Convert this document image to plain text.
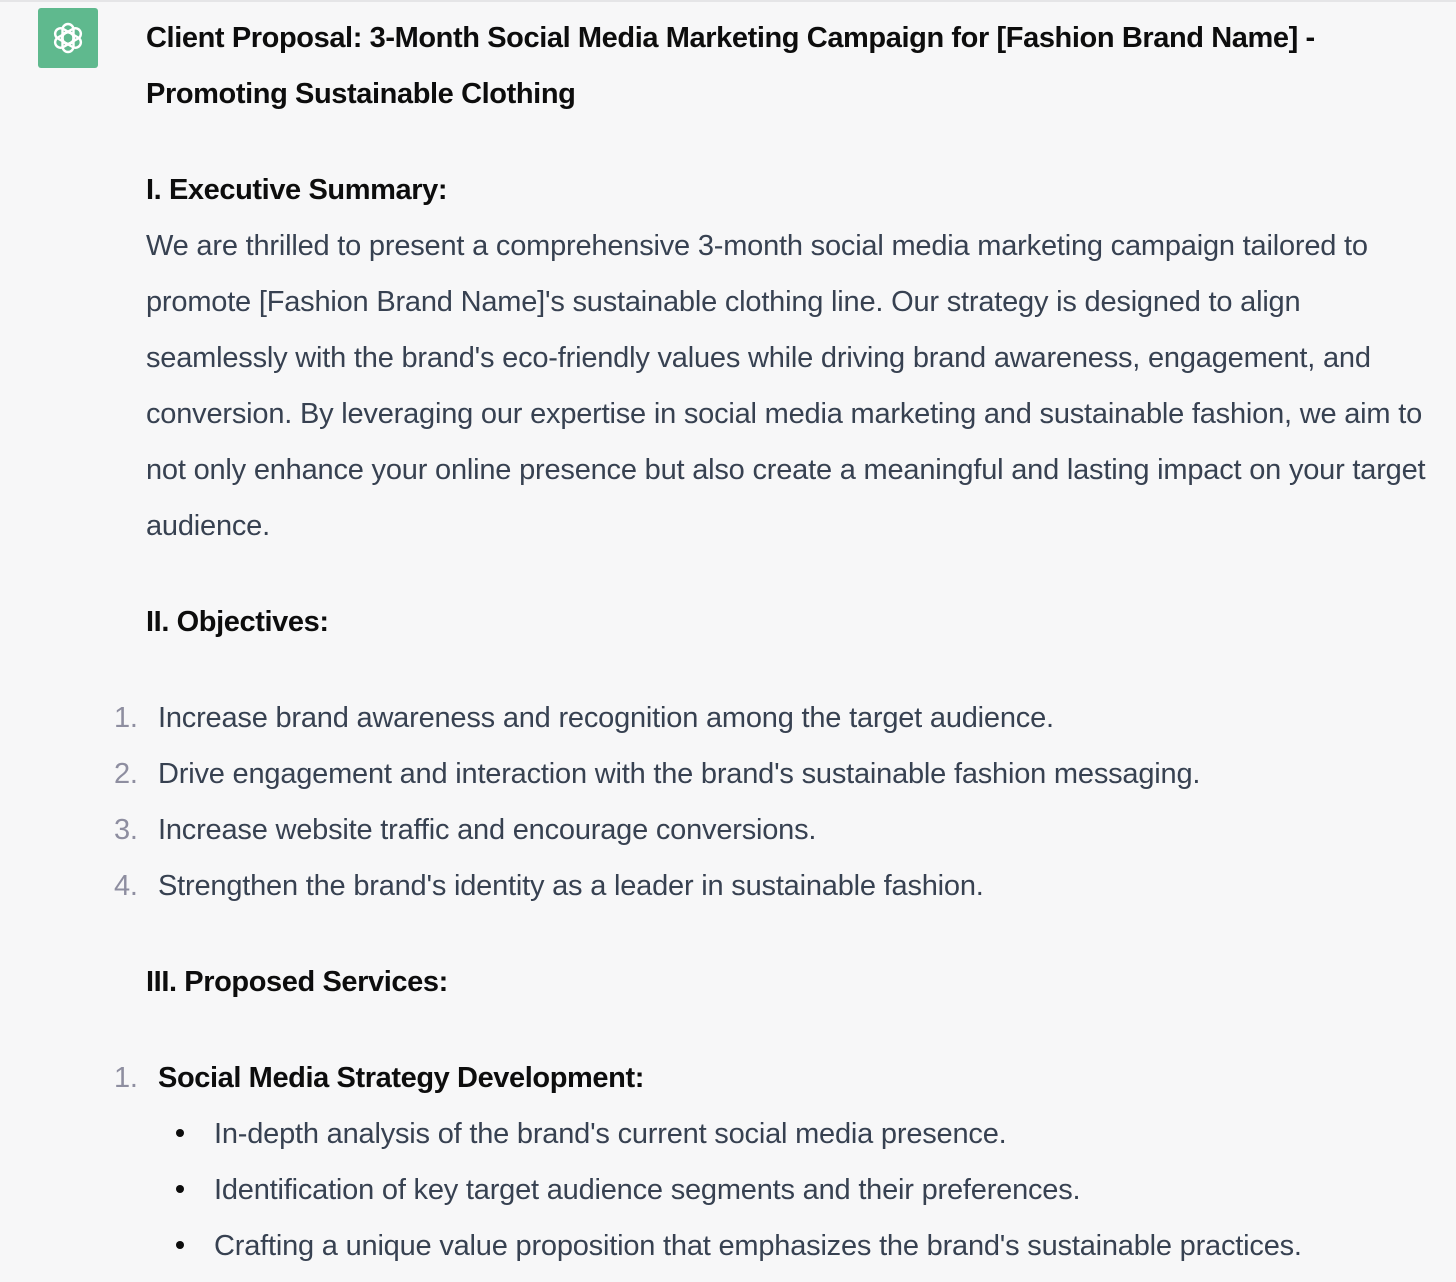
Client Proposal: 3-Month Social Media Marketing Campaign for [Fashion Brand Name] - Promoting Sustainable Clothing
I. Executive Summary:

We are thrilled to present a comprehensive 3-month social media marketing campaign tailored to promote [Fashion Brand Name]'s sustainable clothing line. Our strategy is designed to align seamlessly with the brand's eco-friendly values while driving brand awareness, engagement, and conversion. By leveraging our expertise in social media marketing and sustainable fashion, we aim to not only enhance your online presence but also create a meaningful and lasting impact on your target audience.

II. Objectives:
1. Increase brand awareness and recognition among the target audience.
2. Drive engagement and interaction with the brand's sustainable fashion messaging.
3. Increase website traffic and encourage conversions.
4. Strengthen the brand's identity as a leader in sustainable fashion.
III. Proposed Services:
1. Social Media Strategy Development:
In-depth analysis of the brand's current social media presence.
Identification of key target audience segments and their preferences.
Crafting a unique value proposition that emphasizes the brand's sustainable practices.
